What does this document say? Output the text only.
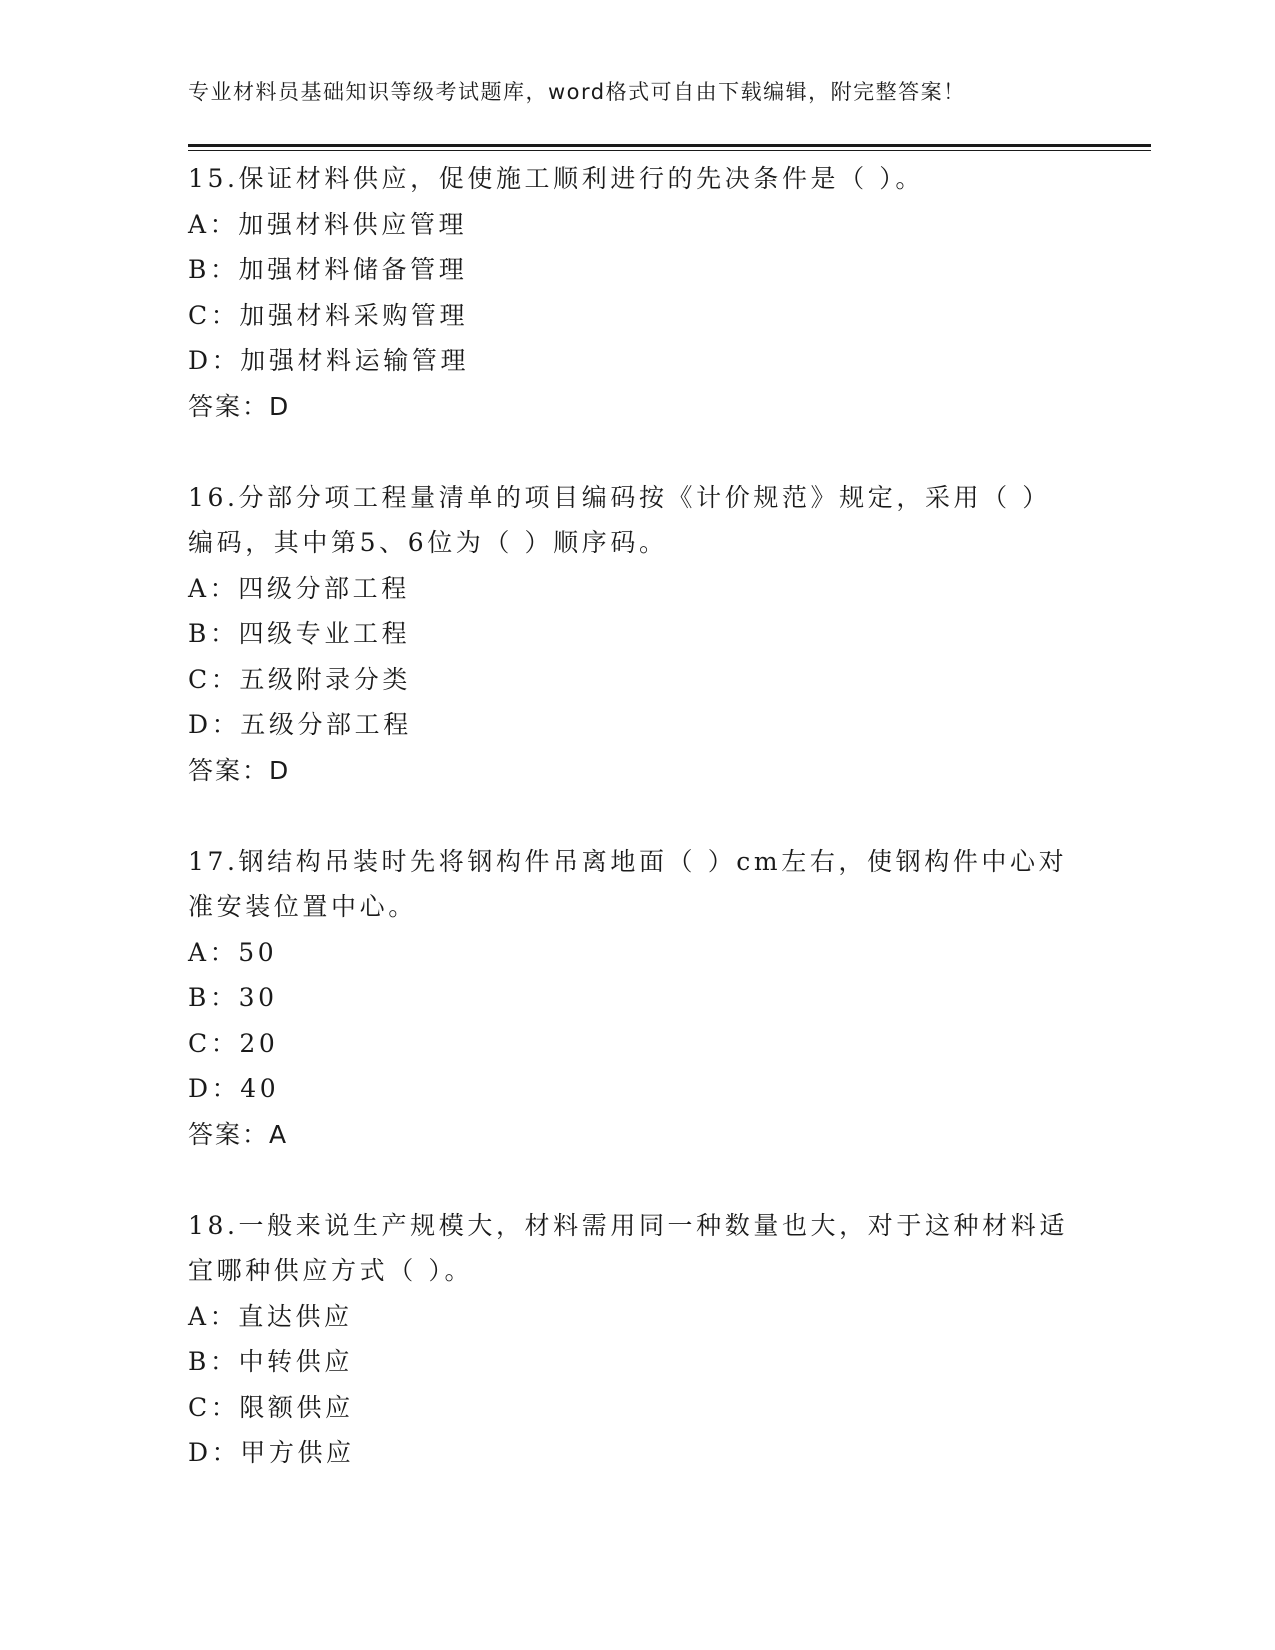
专业材料员基础知识等级考试题库，word格式可自由下载编辑，附完整答案！
15.保证材料供应，促使施工顺利进行的先决条件是（ ）。
A：加强材料供应管理
B：加强材料储备管理
C：加强材料采购管理
D：加强材料运输管理
答案：D
16.分部分项工程量清单的项目编码按《计价规范》规定，采用（ ）
编码，其中第5、6位为（ ）顺序码。
A：四级分部工程
B：四级专业工程
C：五级附录分类
D：五级分部工程
答案：D
17.钢结构吊装时先将钢构件吊离地面（ ）cm左右，使钢构件中心对
准安装位置中心。
A：50
B：30
C：20
D：40
答案：A
18.一般来说生产规模大，材料需用同一种数量也大，对于这种材料适
宜哪种供应方式（ ）。
A：直达供应
B：中转供应
C：限额供应
D：甲方供应
